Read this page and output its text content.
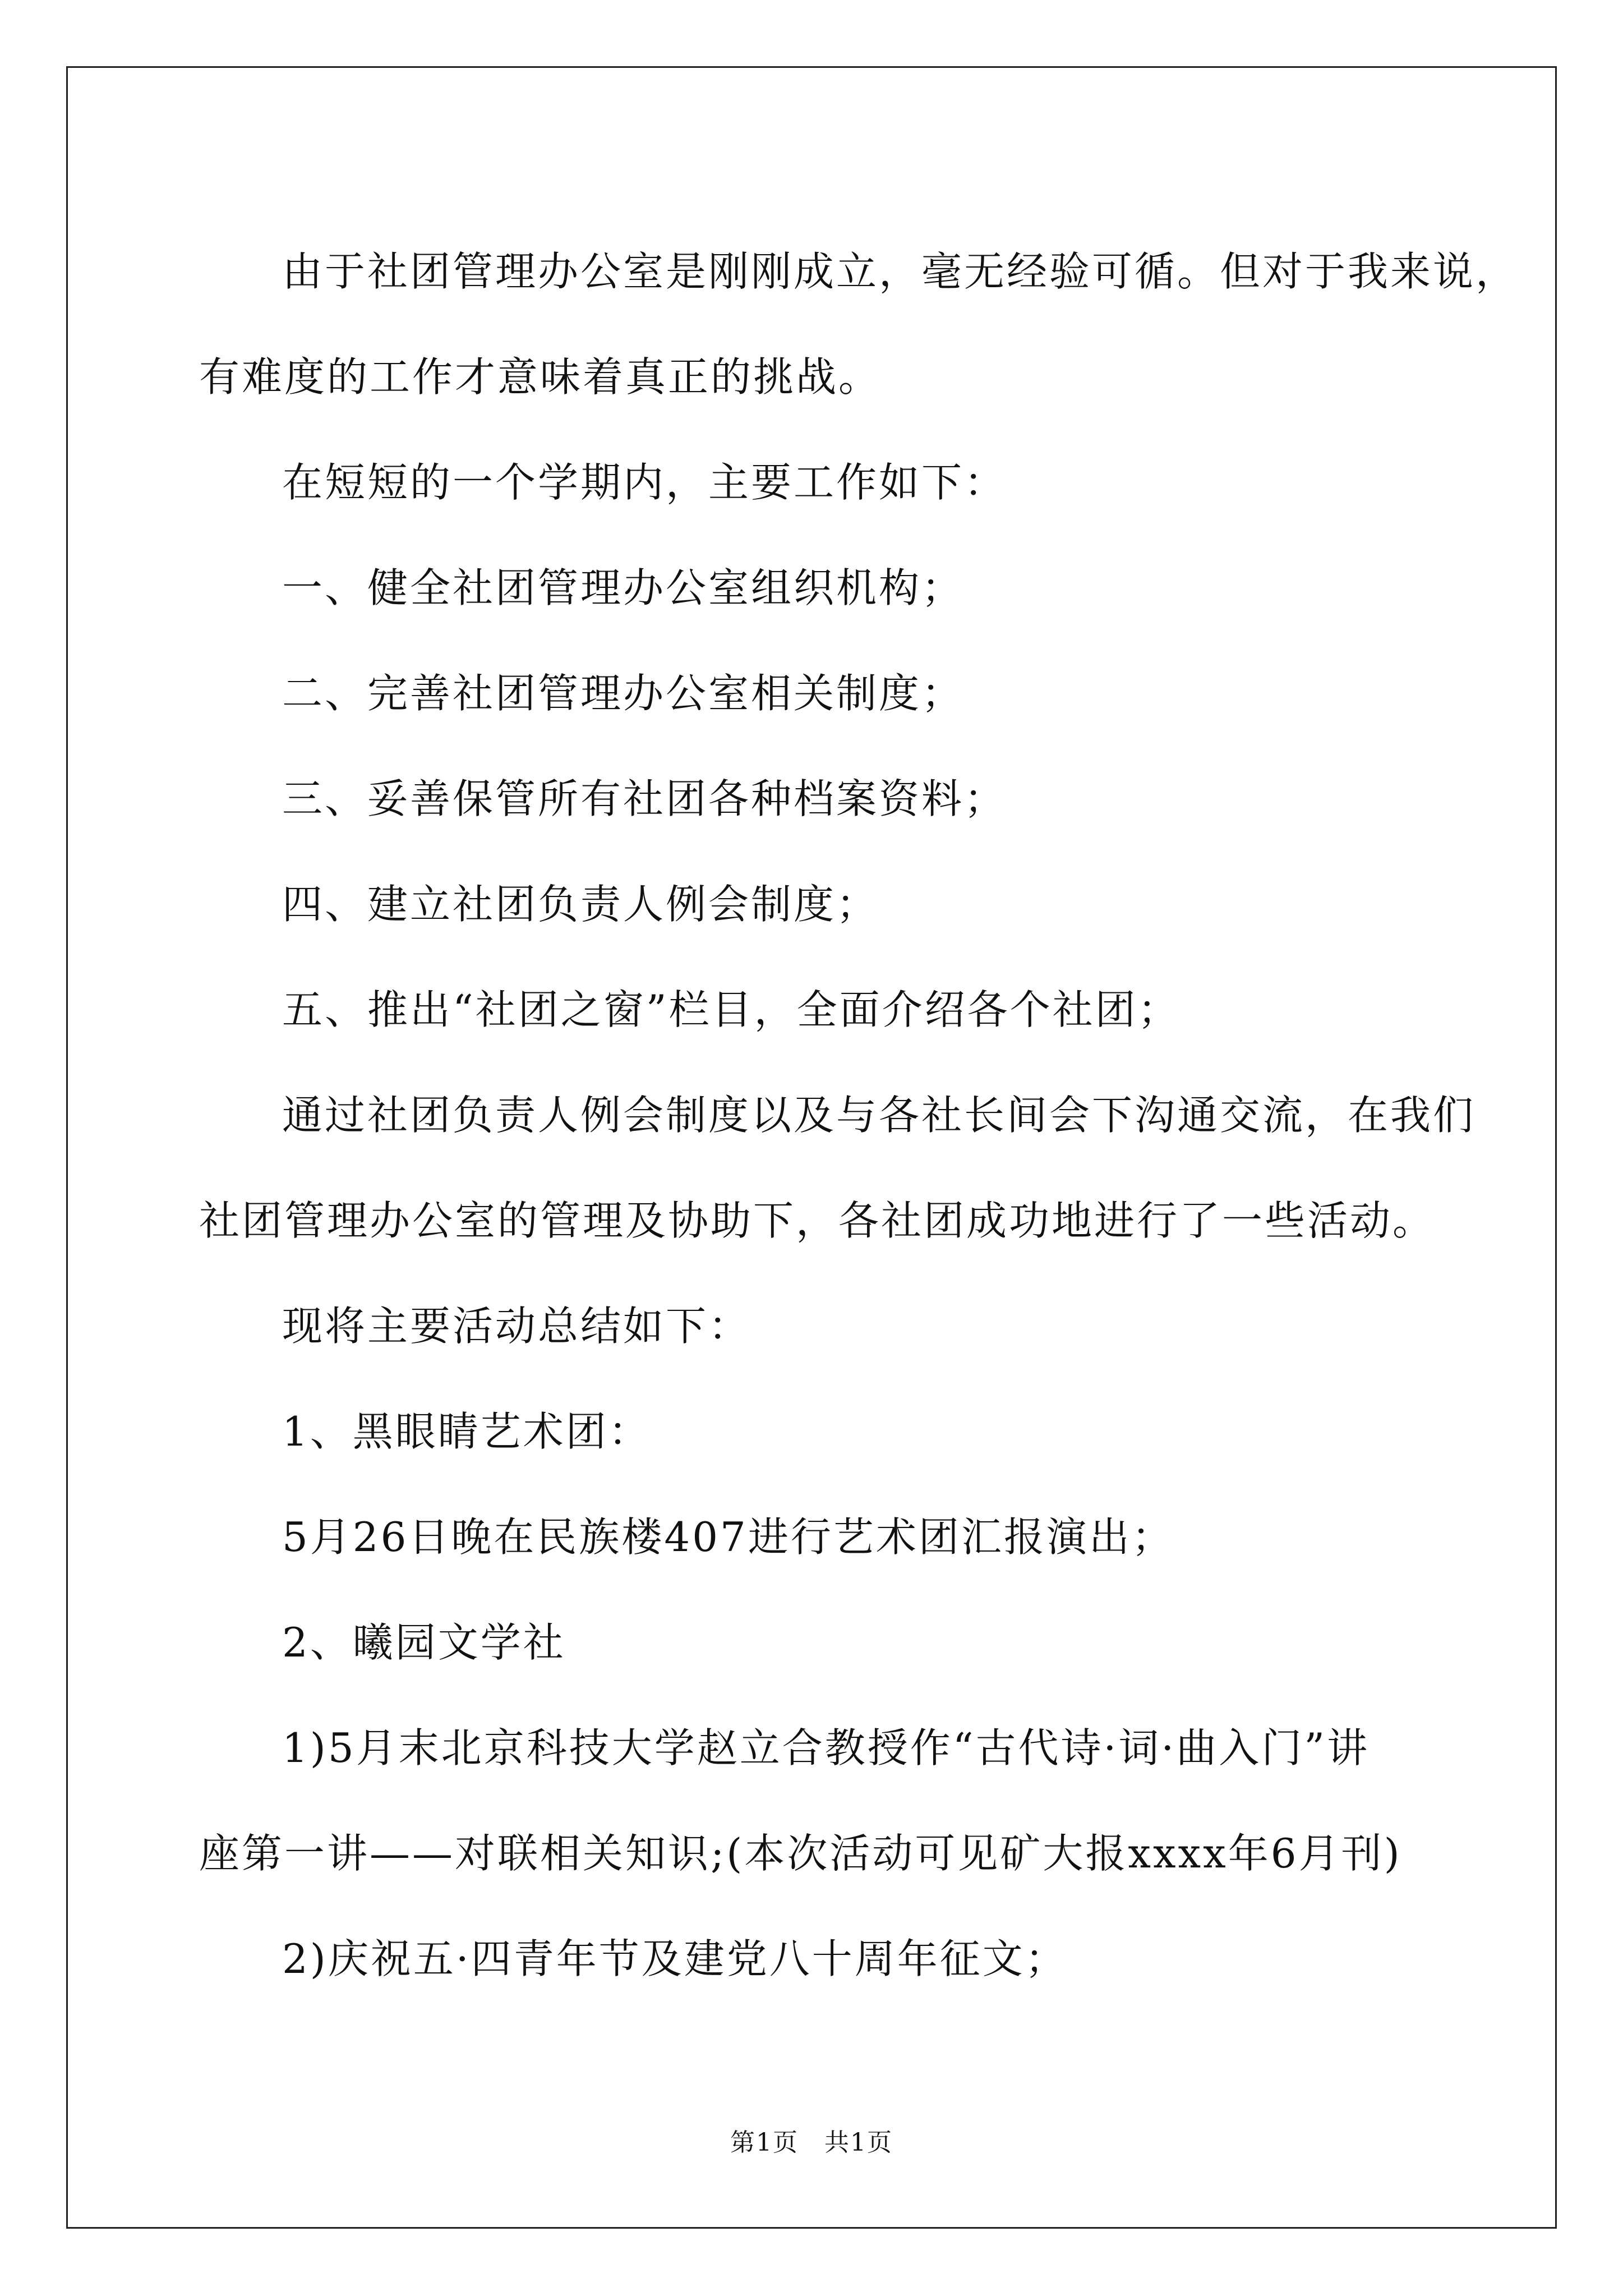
由于社团管理办公室是刚刚成立，毫无经验可循。但对于我来说，

有难度的工作才意味着真正的挑战。

在短短的一个学期内，主要工作如下：

一、健全社团管理办公室组织机构；

二、完善社团管理办公室相关制度；

三、妥善保管所有社团各种档案资料；

四、建立社团负责人例会制度；

五、推出“社团之窗”栏目，全面介绍各个社团；

通过社团负责人例会制度以及与各社长间会下沟通交流，在我们

社团管理办公室的管理及协助下，各社团成功地进行了一些活动。

现将主要活动总结如下：

1、黑眼睛艺术团：

5月26日晚在民族楼407进行艺术团汇报演出；

2、曦园文学社

1)5月末北京科技大学赵立合教授作“古代诗·词·曲入门”讲

座第一讲——对联相关知识;(本次活动可见矿大报xxxx年6月刊)

2)庆祝五·四青年节及建党八十周年征文；

第1页　共1页
